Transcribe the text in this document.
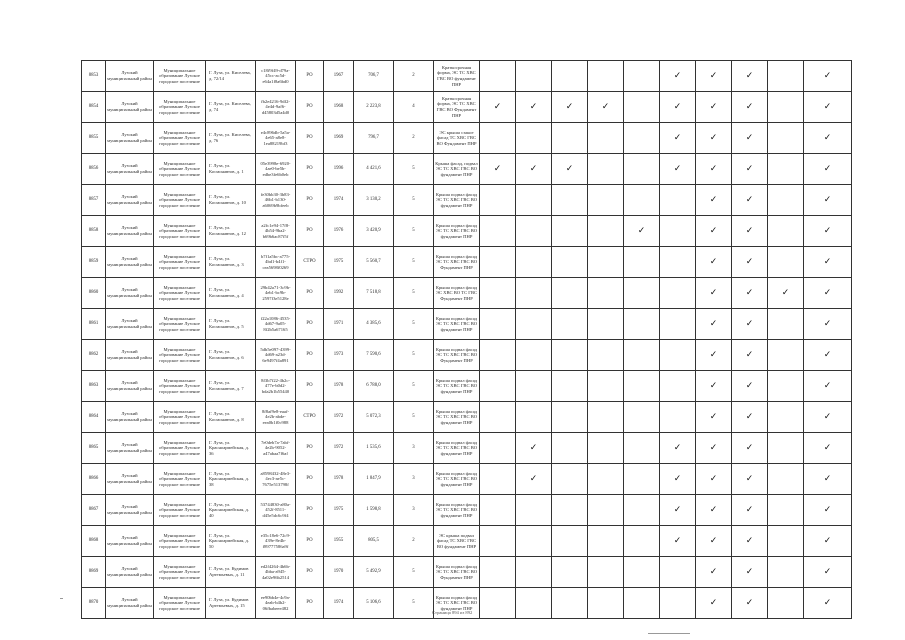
8853	Лузский муниципальный район	Муниципальное образование Лузское городское поселение	Г. Луза, ул. Киселева, д. 72/14	c18f9f49-d79a-45cc-ac5d-e64a1f8a6bd0	РО	1967	706,7	2	Краткосрочная форма, ЭС ТС ХВС ГВС ВО фундамент ПНР						✓	✓	✓		✓
8854	Лузский муниципальный район	Муниципальное образование Лузское городское поселение	Г. Луза, ул. Киселева, д. 74	fb2e4216-9df2-4e4d-9af6-d45803d5a4d0	РО	1968	2 223,8	4	Краткосрочная форма, ЭС ТС ХВС ГВС ВО Фундамент ПНР	✓	✓	✓	✓		✓	✓	✓		✓
8855	Лузский муниципальный район	Муниципальное образование Лузское городское поселение	Г. Луза, ул. Киселева, д. 76	e4c896db-5a5a-4e65-a8e8-1ea88219bf3	РО	1969	796,7	2	ЭС крыша сзакое фасад ТС ХВС ГВС ВО Фундамент ПНР						✓	✓	✓		✓
8856	Лузский муниципальный район	Муниципальное образование Лузское городское поселение	Г. Луза, ул. Космонавтов, д. 1	05e3998e-6920-4ae0-be5b-edbe3fe6b0eb	РО	1996	4 421,6	5	Крыша фасад, подвал ЭС ТС ХВС ГВС ВО фундамент ПНР	✓	✓	✓			✓	✓	✓		✓
8857	Лузский муниципальный район	Муниципальное образование Лузское городское поселение	Г. Луза, ул. Космонавтов, д. 10	fe30bb30-3b83-46b1-b130-a6069b9bfeeb	РО	1974	3 130,2	5	Крыша подвал фасад ЭС ТС ХВС ГВС ВО фундамент ПНР							✓	✓		✓
8858	Лузский муниципальный район	Муниципальное образование Лузское городское поселение	Г. Луза, ул. Космонавтов, д. 12	a2fc1e94-17f8-4b54-9ba2-b69b6ac87f5f	РО	1976	3 420,9	5	Крыша подвал фасад ЭС ТС ХВС ГВС ВО фундамент ПНР					✓		✓	✓		✓
8859	Лузский муниципальный район	Муниципальное образование Лузское городское поселение	Г. Луза, ул. Космонавтов, д. 3	b7f1a5bc-a775-4bd1-b4f1-cea5698f0269	СТРО	1975	5 560,7	5	Крыша подвал фасад ЭС ТС ХВС ГВС ВО Фундамент ПНР							✓	✓		✓
8860	Лузский муниципальный район	Муниципальное образование Лузское городское поселение	Г. Луза, ул. Космонавтов, д. 4	29b42a71-3c9b-4eb1-bc9b-2597f3e5128e	РО	1992	7 518,8	5	Крыша подвал фасад ЭС ХВС ВО ТС ГВС Фундамент ПНР							✓	✓	✓	✓
8861	Лузский муниципальный район	Муниципальное образование Лузское городское поселение	Г. Луза, ул. Космонавтов, д. 5	f22a1086-4535-4d67-9a05-8f2b5a67165	РО	1971	4 385,6	5	Крыша подвал фасад ЭС ТС ХВС ГВС ВО фундамент ПНР							✓	✓		✓
8862	Лузский муниципальный район	Муниципальное образование Лузское городское поселение	Г. Луза, ул. Космонавтов, д. 6	5db5e097-4399-4d69-a23d-6e9497f4a891	РО	1973	7 590,6	5	Крыша подвал фасад ЭС ТС ХВС ГВС ВО Фундамент ПНР							✓	✓		✓
8863	Лузский муниципальный район	Муниципальное образование Лузское городское поселение	Г. Луза, ул. Космонавтов, д. 7	8f3b7f22-4b2c-477e-b0d2-bda2b1b55440	РО	1978	6 788,0	5	Крыша подвал фасад ЭС ТС ХВС ГВС ВО фундамент ПНР							✓	✓		✓
8864	Лузский муниципальный район	Муниципальное образование Лузское городское поселение	Г. Луза, ул. Космонавтов, д. 8	8f8af9e8-eaaf-4e2b-abde-eea0b1f0c988	СТРО	1972	5 072,3	5	Крыша подвал фасад ЭС ТС ХВС ГВС ВО фундамент ПНР							✓	✓		✓
8865	Лузский муниципальный район	Муниципальное образование Лузское городское поселение	Г. Луза, ул. Красноармейская, д. 36	7e0deb7a-7abf-4e2b-9052-a47abaa7f6af	РО	1972	1 535,6	3	Крыша подвал фасад ЭС ТС ХВС ГВС ВО фундамент ПНР		✓				✓	✓	✓		✓
8866	Лузский муниципальный район	Муниципальное образование Лузское городское поселение	Г. Луза, ул. Красноармейская, д. 38	a8598432-48e3-4ec3-ae5c-7675e513798f	РО	1978	1 847,9	3	Крыша подвал фасад ЭС ТС ХВС ГВС ВО фундамент ПНР		✓				✓	✓	✓		✓
8867	Лузский муниципальный район	Муниципальное образование Лузское городское поселение	Г. Луза, ул. Красноармейская, д. 40	53744830-a80a-452f-8511-d45e5dc6c9f4	РО	1975	1 598,8	3	Крыша подвал фасад ЭС ТС ХВС ГВС ВО фундамент ПНР						✓	✓	✓		✓
8868	Лузский муниципальный район	Муниципальное образование Лузское городское поселение	Г. Луза, ул. Красноармейская, д. 50	e35c18e6-72c9-439e-8e4b-f89777586a9f	РО	1955	805,5	2	ЭС крыша подвал фасад ТС ХВС ГВС ВО фундамент ПНР						✓	✓	✓		✓
8869	Лузский муниципальный район	Муниципальное образование Лузское городское поселение	Г. Луза, ул. Кудимов Артемьевых, д. 11	ed2f4264-4b6b-4bba-a945-4a02e96b2514	РО	1970	5 492,9	5	Крыша подвал фасад ЭС ТС ХВС ГВС ВО Фундамент ПНР							✓	✓		✓
8870	Лузский муниципальный район	Муниципальное образование Лузское городское поселение	Г. Луза, ул. Кудимов Артемьевых, д. 15	ee90bb4e-4c9a-4eab-b4b2-06fbabeee482	РО	1974	5 106,6	5	Крыша подвал фасад ЭС ТС ХВС ГВС ВО фундамент ПНР							✓	✓		✓
Страница 894 из 892
